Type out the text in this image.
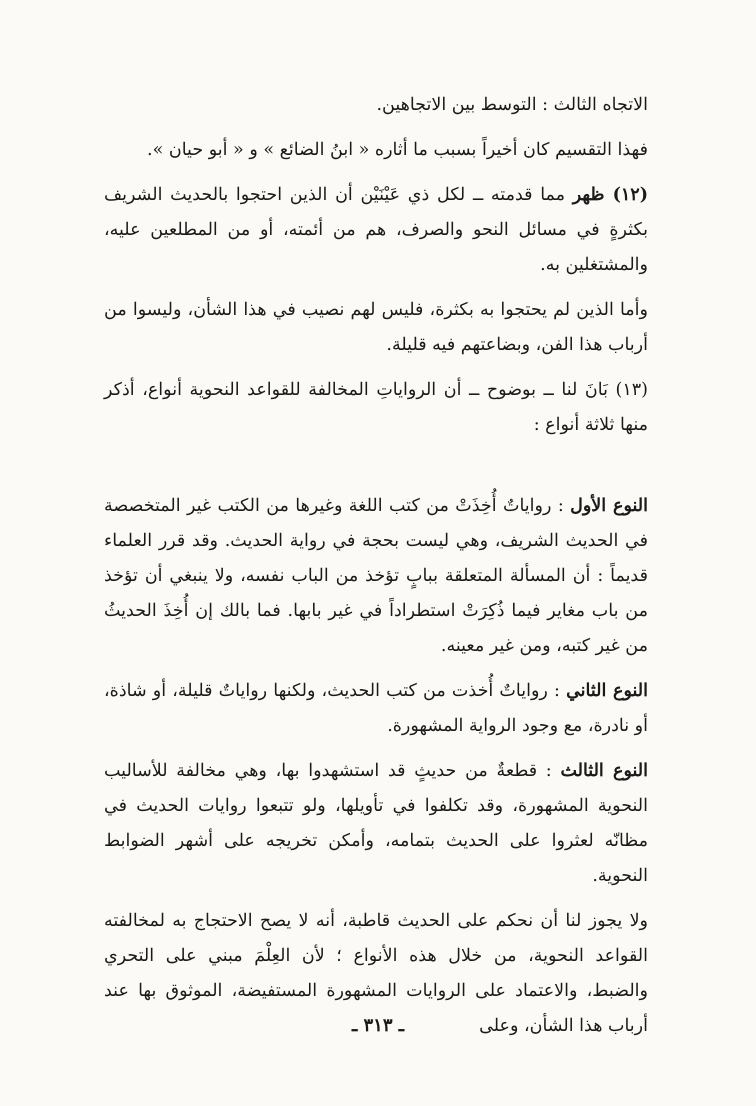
الاتجاه الثالث : التوسط بين الاتجاهين.

فهذا التقسيم كان أخيراً بسبب ما أثاره « ابنُ الضائع » و « أبو حيان ».

(١٢) ظهر مما قدمته ــ لكل ذي عَيْنَيْن أن الذين احتجوا بالحديث الشريف بكثرةٍ في مسائل النحو والصرف، هم من أئمته، أو من المطلعين عليه، والمشتغلين به.

وأما الذين لم يحتجوا به بكثرة، فليس لهم نصيب في هذا الشأن، وليسوا من أرباب هذا الفن، وبضاعتهم فيه قليلة.

(١٣) بَانَ لنا ــ بوضوح ــ أن الرواياتِ المخالفة للقواعد النحوية أنواع، أذكر منها ثلاثة أنواع :

النوع الأول : رواياتٌ أُخِذَتْ من كتب اللغة وغيرها من الكتب غير المتخصصة في الحديث الشريف، وهي ليست بحجة في رواية الحديث. وقد قرر العلماء قديماً : أن المسألة المتعلقة ببابٍ تؤخذ من الباب نفسه، ولا ينبغي أن تؤخذ من باب مغاير فيما ذُكِرَتْ استطراداً في غير بابها. فما بالك إن أُخِذَ الحديثُ من غير كتبه، ومن غير معينه.

النوع الثاني : رواياتٌ أُخذت من كتب الحديث، ولكنها رواياتٌ قليلة، أو شاذة، أو نادرة، مع وجود الرواية المشهورة.

النوع الثالث : قطعةٌ من حديثٍ قد استشهدوا بها، وهي مخالفة للأساليب النحوية المشهورة، وقد تكلفوا في تأويلها، ولو تتبعوا روايات الحديث في مظانّه لعثروا على الحديث بتمامه، وأمكن تخريجه على أشهر الضوابط النحوية.

ولا يجوز لنا أن نحكم على الحديث قاطبة، أنه لا يصح الاحتجاج به لمخالفته القواعد النحوية، من خلال هذه الأنواع ؛ لأن العِلْمَ مبني على التحري والضبط، والاعتماد على الروايات المشهورة المستفيضة، الموثوق بها عند أرباب هذا الشأن، وعلى

ـ ٣١٣ ـ
